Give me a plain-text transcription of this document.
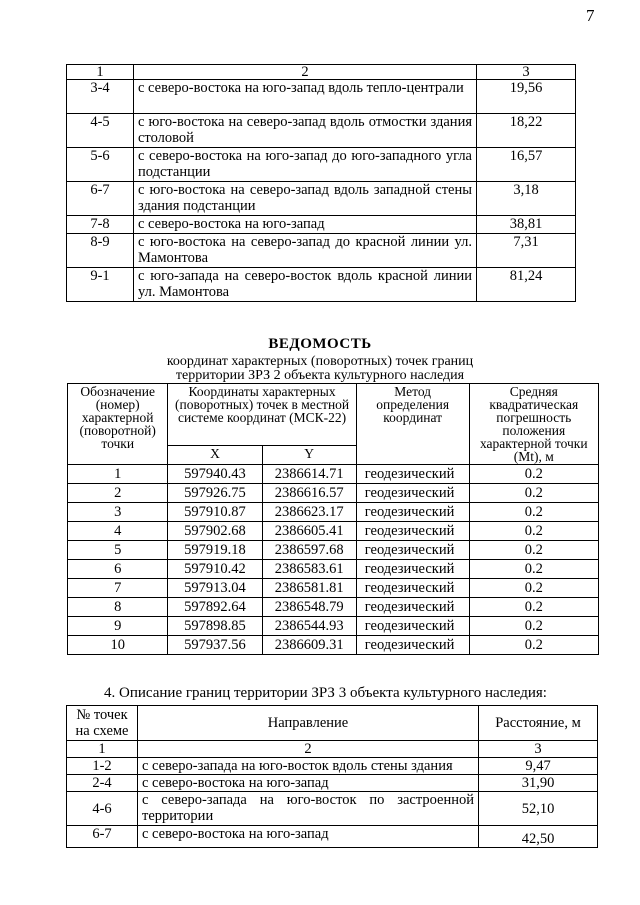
7
1	2	3
3-4	с северо-востока на юго-запад вдоль тепло-централи	19,56
4-5	с юго-востока на северо-запад вдоль отмостки здания столовой	18,22
5-6	с северо-востока на юго-запад до юго-западного угла подстанции	16,57
6-7	с юго-востока на северо-запад вдоль западной стены здания подстанции	3,18
7-8	с северо-востока на юго-запад	38,81
8-9	с юго-востока на северо-запад до красной линии ул. Мамонтова	7,31
9-1	с юго-запада на северо-восток вдоль красной линии ул. Мамонтова	81,24
ВЕДОМОСТЬ
координат характерных (поворотных) точек границ
территории ЗРЗ 2 объекта культурного наследия
Обозначение (номер) характерной (поворотной) точки	Координаты характерных (поворотных) точек в местной системе координат (МСК-22)		Метод определения координат	Средняя квадратическая погрешность положения характерной точки (Mt), м
	X	Y		
1	597940.43	2386614.71	геодезический	0.2
2	597926.75	2386616.57	геодезический	0.2
3	597910.87	2386623.17	геодезический	0.2
4	597902.68	2386605.41	геодезический	0.2
5	597919.18	2386597.68	геодезический	0.2
6	597910.42	2386583.61	геодезический	0.2
7	597913.04	2386581.81	геодезический	0.2
8	597892.64	2386548.79	геодезический	0.2
9	597898.85	2386544.93	геодезический	0.2
10	597937.56	2386609.31	геодезический	0.2
4. Описание границ территории ЗРЗ 3 объекта культурного наследия:
№ точек на схеме	Направление	Расстояние, м
1	2	3
1-2	с северо-запада на юго-восток вдоль стены здания	9,47
2-4	с северо-востока на юго-запад	31,90
4-6	с северо-запада на юго-восток по застроенной территории	52,10
6-7	с северо-востока на юго-запад	42,50
